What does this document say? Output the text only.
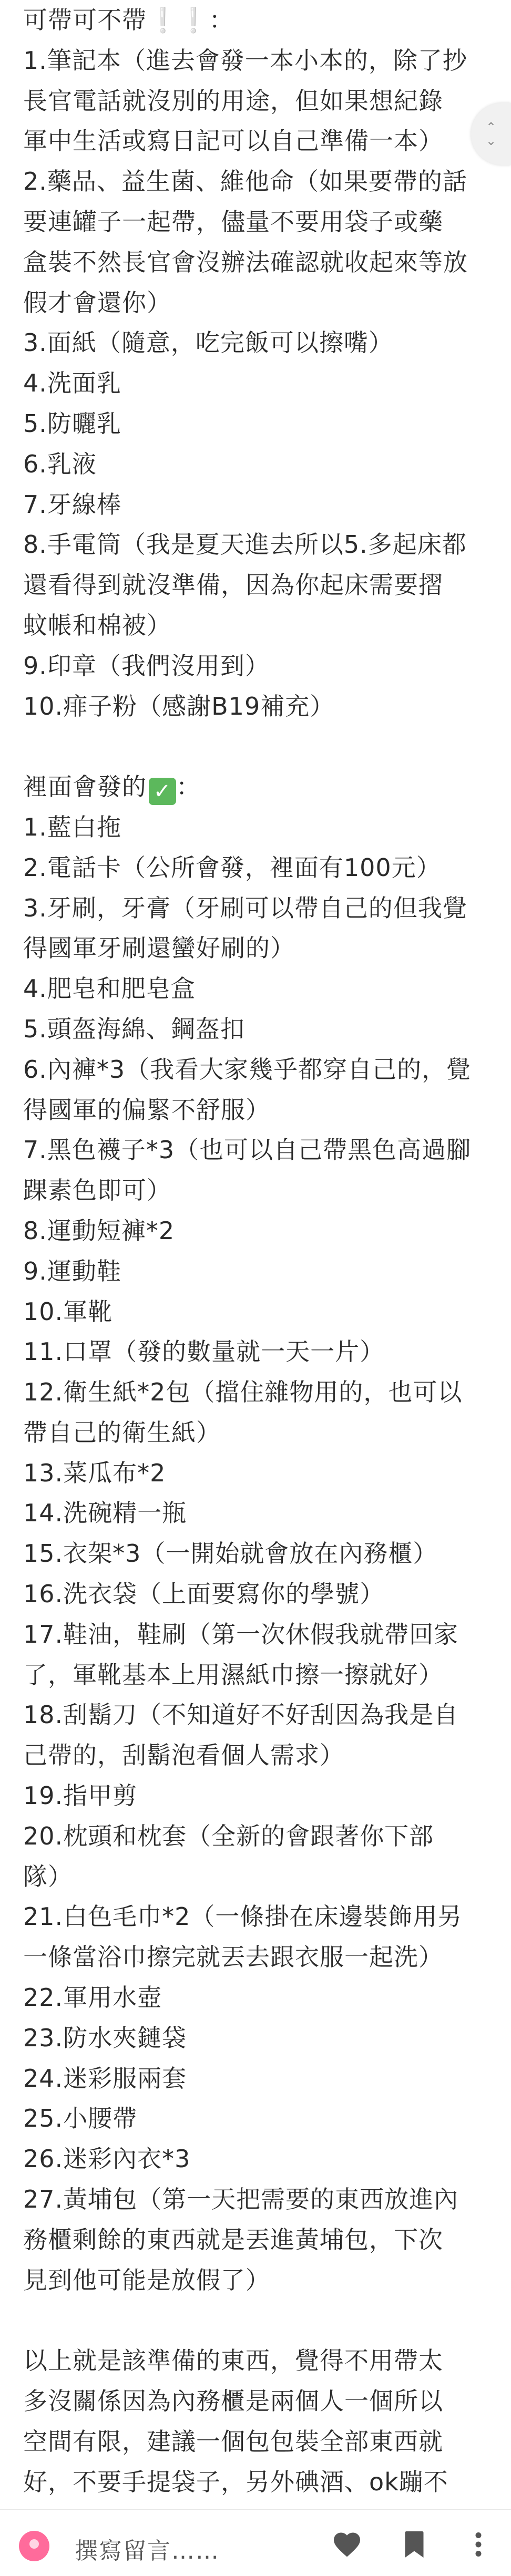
可帶可不帶❕❕：
1.筆記本（進去會發一本小本的，除了抄
長官電話就沒別的用途，但如果想紀錄
軍中生活或寫日記可以自己準備一本）
2.藥品、益生菌、維他命（如果要帶的話
要連罐子一起帶，儘量不要用袋子或藥
盒裝不然長官會沒辦法確認就收起來等放
假才會還你）
3.面紙（隨意，吃完飯可以擦嘴）
4.洗面乳
5.防曬乳
6.乳液
7.牙線棒
8.手電筒（我是夏天進去所以5.多起床都
還看得到就沒準備，因為你起床需要摺
蚊帳和棉被）
9.印章（我們沒用到）
10.痱子粉（感謝B19補充）
裡面會發的 ✓ ：
1.藍白拖
2.電話卡（公所會發，裡面有100元）
3.牙刷，牙膏（牙刷可以帶自己的但我覺
得國軍牙刷還蠻好刷的）
4.肥皂和肥皂盒
5.頭盔海綿、鋼盔扣
6.內褲*3（我看大家幾乎都穿自己的，覺
得國軍的偏緊不舒服）
7.黑色襪子*3（也可以自己帶黑色高過腳
踝素色即可）
8.運動短褲*2
9.運動鞋
10.軍靴
11.口罩（發的數量就一天一片）
12.衛生紙*2包（擋住雜物用的，也可以
帶自己的衛生紙）
13.菜瓜布*2
14.洗碗精一瓶
15.衣架*3（一開始就會放在內務櫃）
16.洗衣袋（上面要寫你的學號）
17.鞋油，鞋刷（第一次休假我就帶回家
了，軍靴基本上用濕紙巾擦一擦就好）
18.刮鬍刀（不知道好不好刮因為我是自
己帶的，刮鬍泡看個人需求）
19.指甲剪
20.枕頭和枕套（全新的會跟著你下部
隊）
21.白色毛巾*2（一條掛在床邊裝飾用另
一條當浴巾擦完就丟去跟衣服一起洗）
22.軍用水壺
23.防水夾鏈袋
24.迷彩服兩套
25.小腰帶
26.迷彩內衣*3
27.黃埔包（第一天把需要的東西放進內
務櫃剩餘的東西就是丟進黃埔包，下次
見到他可能是放假了）
以上就是該準備的東西，覺得不用帶太
多沒關係因為內務櫃是兩個人一個所以
空間有限，建議一個包包裝全部東西就
好，不要手提袋子，另外碘酒、ok蹦不
⌃
⌄
撰寫留言……
